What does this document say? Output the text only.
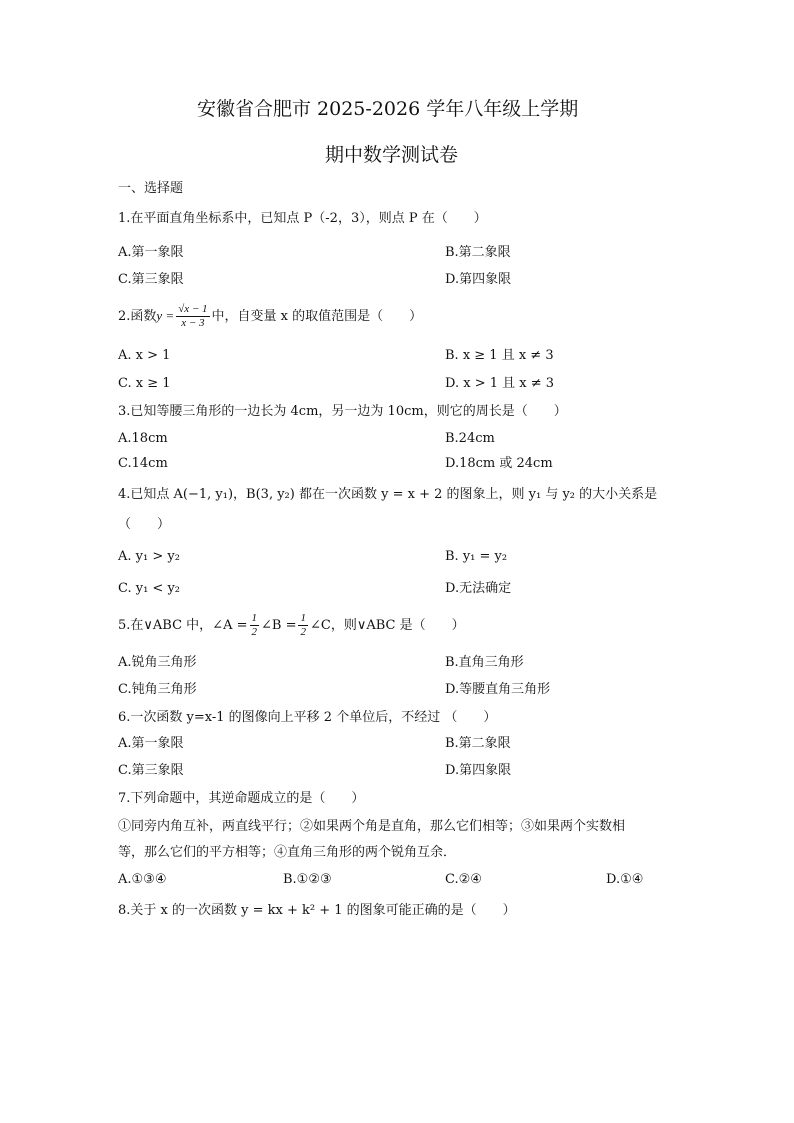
安徽省合肥市 2025-2026 学年八年级上学期
期中数学测试卷
一、选择题
1.在平面直角坐标系中，已知点 P（-2，3），则点 P 在（　　）
A.第一象限	B.第二象限
C.第三象限	D.第四象限
2.函数$y = \frac{√x - 1}{x - 3}$ 中，自变量 x 的取值范围是（　　）
A. x > 1	B. x ≥ 1 且 x ≠ 3
C. x ≥ 1	D. x > 1 且 x ≠ 3
3.已知等腰三角形的一边长为 4cm，另一边为 10cm，则它的周长是（　　）
A.18cm	B.24cm
C.14cm	D.18cm 或 24cm
4.已知点 A(−1, y₁)，B(3, y₂) 都在一次函数 y = x + 2 的图象上，则 y₁ 与 y₂ 的大小关系是
（　　）
A. y₁ > y₂	B. y₁ = y₂
C. y₁ < y₂	D.无法确定
5.在∨ABC 中，∠A = $\frac{1}{2}$ ∠B = $\frac{1}{2}$ ∠C，则∨ABC 是（　　）
A.锐角三角形	B.直角三角形
C.钝角三角形	D.等腰直角三角形
6.一次函数 y=x-1 的图像向上平移 2 个单位后，不经过 （　　）
A.第一象限	B.第二象限
C.第三象限	D.第四象限
7.下列命题中，其逆命题成立的是（　　）
①同旁内角互补，两直线平行；②如果两个角是直角，那么它们相等；③如果两个实数相
等，那么它们的平方相等；④直角三角形的两个锐角互余．
A.①③④	B.①②③	C.②④	D.①④
8.关于 x 的一次函数 y = kx + k² + 1 的图象可能正确的是（　　）
